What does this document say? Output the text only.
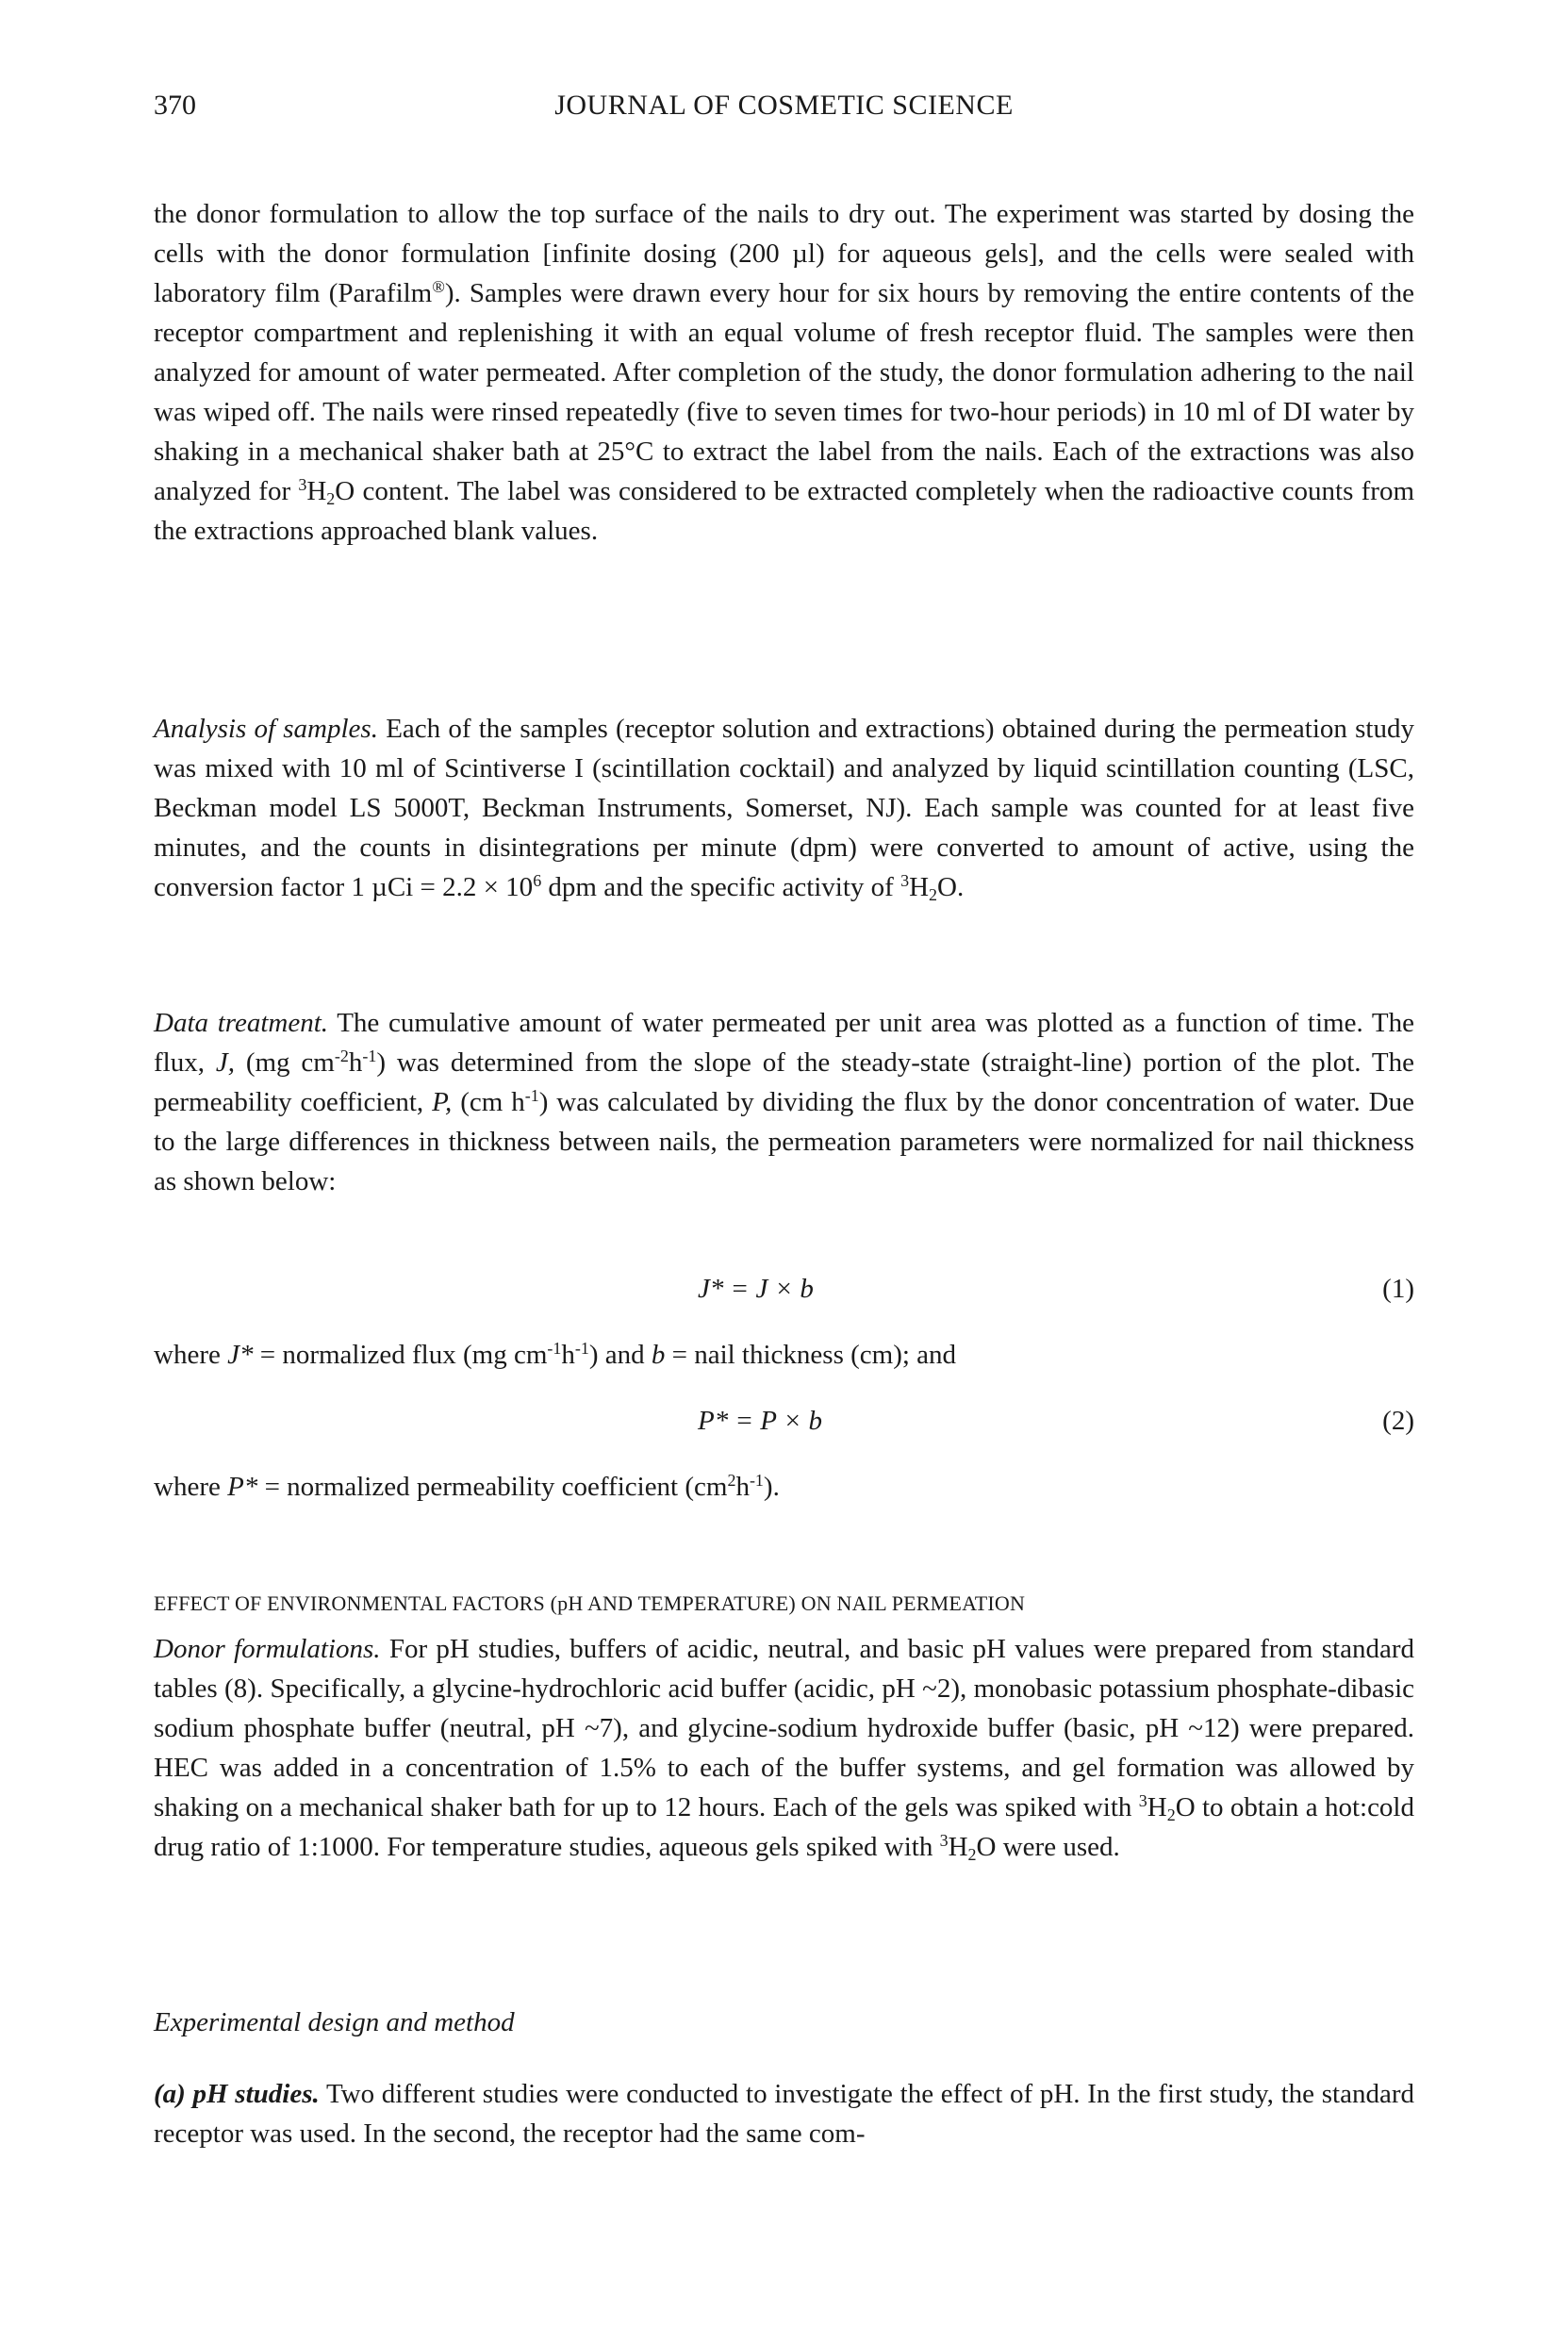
370	JOURNAL OF COSMETIC SCIENCE

the donor formulation to allow the top surface of the nails to dry out. The experiment was started by dosing the cells with the donor formulation [infinite dosing (200 µl) for aqueous gels], and the cells were sealed with laboratory film (Parafilm®). Samples were drawn every hour for six hours by removing the entire contents of the receptor compartment and replenishing it with an equal volume of fresh receptor fluid. The samples were then analyzed for amount of water permeated. After completion of the study, the donor formulation adhering to the nail was wiped off. The nails were rinsed repeatedly (five to seven times for two-hour periods) in 10 ml of DI water by shaking in a mechanical shaker bath at 25°C to extract the label from the nails. Each of the extractions was also analyzed for $^3H_2O$ content. The label was considered to be extracted completely when the radioactive counts from the extractions approached blank values.

Analysis of samples. Each of the samples (receptor solution and extractions) obtained during the permeation study was mixed with 10 ml of Scintiverse I (scintillation cocktail) and analyzed by liquid scintillation counting (LSC, Beckman model LS 5000T, Beckman Instruments, Somerset, NJ). Each sample was counted for at least five minutes, and the counts in disintegrations per minute (dpm) were converted to amount of active, using the conversion factor 1 $\mu Ci = 2.2 \times 10^6$ dpm and the specific activity of $^3H_2O$.

Data treatment. The cumulative amount of water permeated per unit area was plotted as a function of time. The flux, J, (mg $cm^{-2}h^{-1}$) was determined from the slope of the steady-state (straight-line) portion of the plot. The permeability coefficient, P, (cm $h^{-1}$) was calculated by dividing the flux by the donor concentration of water. Due to the large differences in thickness between nails, the permeation parameters were normalized for nail thickness as shown below:

J* = J × b	(1)
where J* = normalized flux (mg $cm^{-1}h^{-1}$) and b = nail thickness (cm); and
P* = P × b	(2)
where P* = normalized permeability coefficient $(cm^2h^{-1})$.
EFFECT OF ENVIRONMENTAL FACTORS (pH AND TEMPERATURE) ON NAIL PERMEATION

Donor formulations. For pH studies, buffers of acidic, neutral, and basic pH values were prepared from standard tables (8). Specifically, a glycine-hydrochloric acid buffer (acidic, pH ~2), monobasic potassium phosphate-dibasic sodium phosphate buffer (neutral, pH ~7), and glycine-sodium hydroxide buffer (basic, pH ~12) were prepared. HEC was added in a concentration of 1.5% to each of the buffer systems, and gel formation was allowed by shaking on a mechanical shaker bath for up to 12 hours. Each of the gels was spiked with $^3H_2O$ to obtain a hot:cold drug ratio of 1:1000. For temperature studies, aqueous gels spiked with $^3H_2O$ were used.

Experimental design and method

(a) pH studies. Two different studies were conducted to investigate the effect of pH. In the first study, the standard receptor was used. In the second, the receptor had the same com-
